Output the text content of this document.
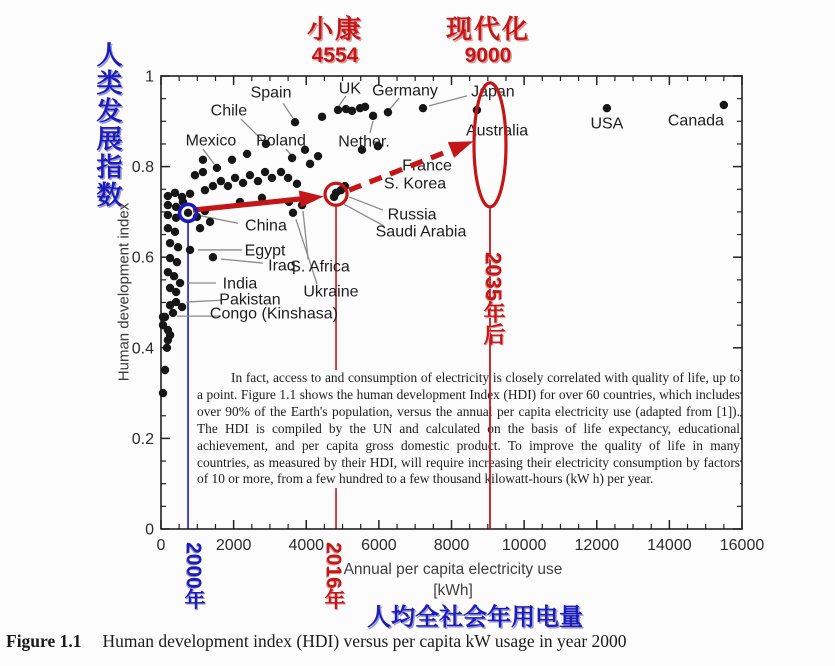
0	2000 4000 6000 8000 10000 12000 14000 16000
0
0.2
0.4
0.6
0.8
1
Spain
Chile
Mexico Poland
UK Germany Japan
Nether.
Australia	USA	Canada
France
S. Korea
Russia
Saudi Arabia
China
Egypt
Iraq
S. Africa
Ukraine
India
Pakistan
Congo (Kinshasa)
人类发展指数
Human development index
小康
4554
现代化
9000
2000年	2016年
2035年后
In fact, access to and consumption of electricity is closely correlated with quality of life, up to a point. Figure 1.1 shows the human development Index (HDI) for over 60 countries, which includes over 90% of the Earth's population, versus the annual per capita electricity use (adapted from [1]). The HDI is compiled by the UN and calculated on the basis of life expectancy, educational achievement, and per capita gross domestic product. To improve the quality of life in many countries, as measured by their HDI, will require increasing their electricity consumption by factors of 10 or more, from a few hundred to a few thousand kilowatt-hours (kW h) per year.
Annual per capita electricity use
[kWh]
人均全社会年用电量
Figure 1.1 Human development index (HDI) versus per capita kW usage in year 2000
